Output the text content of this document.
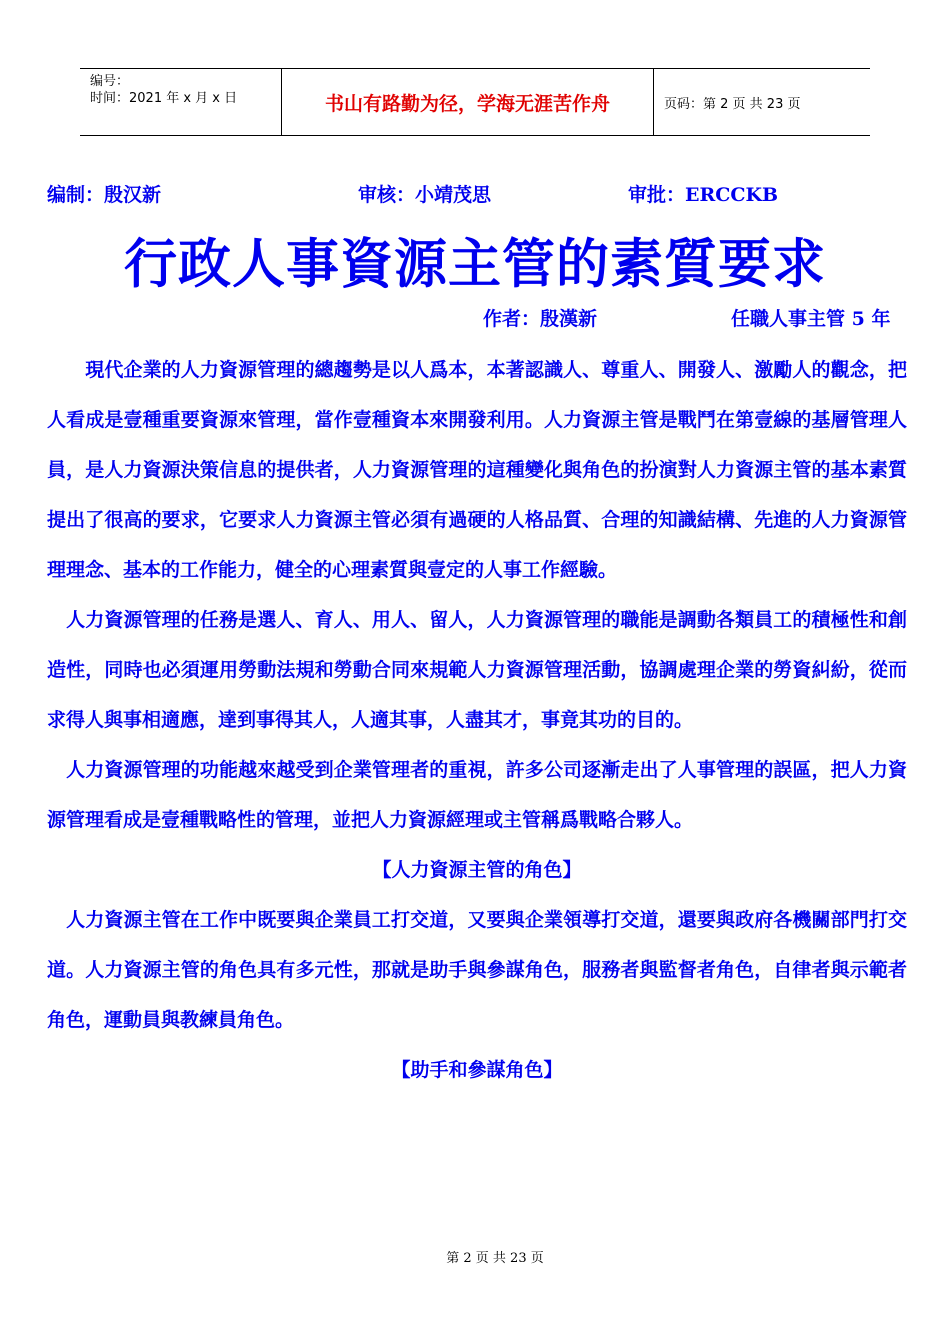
编号：
时间：2021 年 x 月 x 日	书山有路勤为径，学海无涯苦作舟	页码：第 2 页 共 23 页
编制：殷汉新	审核：小靖茂思	审批：ERCCKB
行政人事資源主管的素質要求
作者：殷漢新	任職人事主管 5 年

　　現代企業的人力資源管理的總趨勢是以人爲本，本著認識人、尊重人、開發人、激勵人的觀念，把人看成是壹種重要資源來管理，當作壹種資本來開發利用。人力資源主管是戰鬥在第壹線的基層管理人員，是人力資源決策信息的提供者，人力資源管理的這種變化與角色的扮演對人力資源主管的基本素質提出了很高的要求，它要求人力資源主管必須有過硬的人格品質、合理的知識結構、先進的人力資源管理理念、基本的工作能力，健全的心理素質與壹定的人事工作經驗。

　人力資源管理的任務是選人、育人、用人、留人，人力資源管理的職能是調動各類員工的積極性和創造性，同時也必須運用勞動法規和勞動合同來規範人力資源管理活動，協調處理企業的勞資糾紛，從而求得人與事相適應，達到事得其人，人適其事，人盡其才，事竟其功的目的。

　人力資源管理的功能越來越受到企業管理者的重視，許多公司逐漸走出了人事管理的誤區，把人力資源管理看成是壹種戰略性的管理，並把人力資源經理或主管稱爲戰略合夥人。

【人力資源主管的角色】

　人力資源主管在工作中既要與企業員工打交道，又要與企業領導打交道，還要與政府各機關部門打交道。人力資源主管的角色具有多元性，那就是助手與參謀角色，服務者與監督者角色，自律者與示範者角色，運動員與教練員角色。

【助手和參謀角色】

第 2 页 共 23 页
